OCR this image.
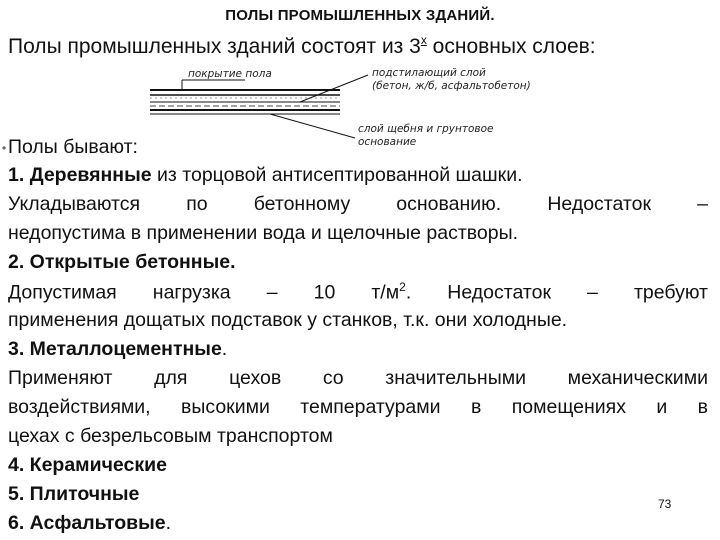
ПОЛЫ ПРОМЫШЛЕННЫХ ЗДАНИЙ.
Полы промышленных зданий состоят из $3^х$ основных слоев:
покрытие пола	подстилающий слой
(бетон, ж/б, асфальтобетон)
слой щебня и грунтовое
основание
• Полы бывают:
1. Деревянные из торцовой антисептированной шашки.
Укладываются по бетонному основанию. Недостаток –
недопустима в применении вода и щелочные растворы.
2. Открытые бетонные.
Допустимая нагрузка – 10 $т/м^2$. Недостаток – требуют
применения дощатых подставок у станков, т.к. они холодные.
3. Металлоцементные.
Применяют для цехов со значительными механическими
воздействиями, высокими температурами в помещениях и в
цехах с безрельсовым транспортом
4. Керамические
5. Плиточные
6. Асфальтовые.
73
